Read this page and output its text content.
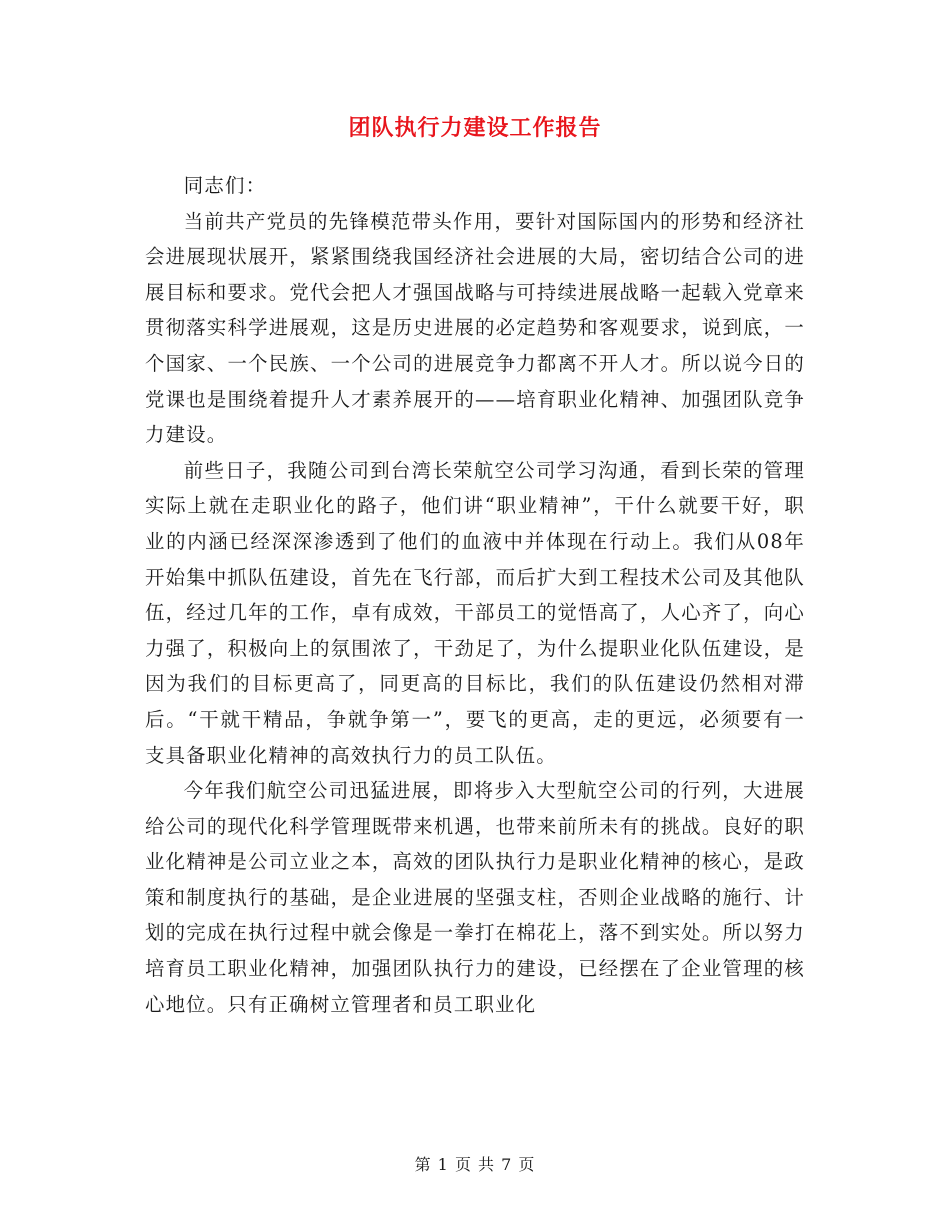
团队执行力建设工作报告

同志们：

当前共产党员的先锋模范带头作用，要针对国际国内的形势和经济社会进展现状展开，紧紧围绕我国经济社会进展的大局，密切结合公司的进展目标和要求。党代会把人才强国战略与可持续进展战略一起载入党章来贯彻落实科学进展观，这是历史进展的必定趋势和客观要求，说到底，一个国家、一个民族、一个公司的进展竞争力都离不开人才。所以说今日的党课也是围绕着提升人才素养展开的——培育职业化精神、加强团队竞争力建设。

前些日子，我随公司到台湾长荣航空公司学习沟通，看到长荣的管理实际上就在走职业化的路子，他们讲“职业精神”，干什么就要干好，职业的内涵已经深深渗透到了他们的血液中并体现在行动上。我们从08年开始集中抓队伍建设，首先在飞行部，而后扩大到工程技术公司及其他队伍，经过几年的工作，卓有成效，干部员工的觉悟高了，人心齐了，向心力强了，积极向上的氛围浓了，干劲足了，为什么提职业化队伍建设，是因为我们的目标更高了，同更高的目标比，我们的队伍建设仍然相对滞后。“干就干精品，争就争第一”，要飞的更高，走的更远，必须要有一支具备职业化精神的高效执行力的员工队伍。

今年我们航空公司迅猛进展，即将步入大型航空公司的行列，大进展给公司的现代化科学管理既带来机遇，也带来前所未有的挑战。良好的职业化精神是公司立业之本，高效的团队执行力是职业化精神的核心，是政策和制度执行的基础，是企业进展的坚强支柱，否则企业战略的施行、计划的完成在执行过程中就会像是一拳打在棉花上，落不到实处。所以努力培育员工职业化精神，加强团队执行力的建设，已经摆在了企业管理的核心地位。只有正确树立管理者和员工职业化

第 1 页 共 7 页
